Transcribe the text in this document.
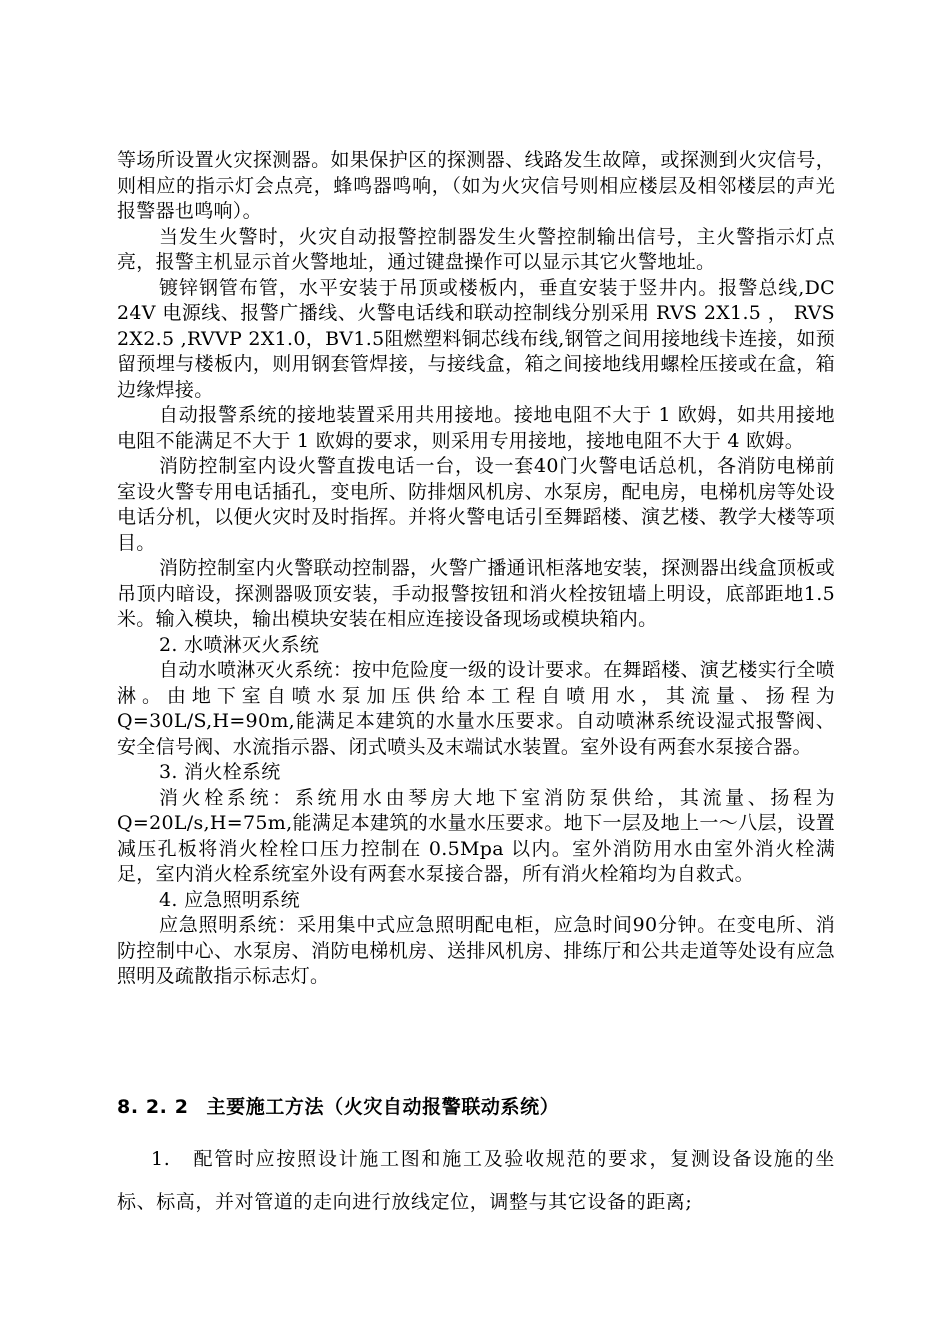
等场所设置火灾探测器。如果保护区的探测器、线路发生故障，或探测到火灾信号，则相应的指示灯会点亮，蜂鸣器鸣响，（如为火灾信号则相应楼层及相邻楼层的声光报警器也鸣响）。

当发生火警时，火灾自动报警控制器发生火警控制输出信号，主火警指示灯点亮，报警主机显示首火警地址，通过键盘操作可以显示其它火警地址。

镀锌钢管布管，水平安装于吊顶或楼板内，垂直安装于竖井内。报警总线,DC 24V 电源线、报警广播线、火警电话线和联动控制线分别采用 RVS 2X1.5 ， RVS 2X2.5 ,RVVP 2X1.0，BV1.5阻燃塑料铜芯线布线,钢管之间用接地线卡连接，如预留预埋与楼板内，则用钢套管焊接，与接线盒，箱之间接地线用螺栓压接或在盒，箱边缘焊接。

自动报警系统的接地装置采用共用接地。接地电阻不大于 1 欧姆，如共用接地电阻不能满足不大于 1 欧姆的要求，则采用专用接地，接地电阻不大于 4 欧姆。

消防控制室内设火警直拨电话一台，设一套40门火警电话总机，各消防电梯前室设火警专用电话插孔，变电所、防排烟风机房、水泵房，配电房，电梯机房等处设电话分机，以便火灾时及时指挥。并将火警电话引至舞蹈楼、演艺楼、教学大楼等项目。

消防控制室内火警联动控制器，火警广播通讯柜落地安装，探测器出线盒顶板或吊顶内暗设，探测器吸顶安装，手动报警按钮和消火栓按钮墙上明设，底部距地1.5米。输入模块，输出模块安装在相应连接设备现场或模块箱内。

2. 水喷淋灭火系统

自动水喷淋灭火系统：按中危险度一级的设计要求。在舞蹈楼、演艺楼实行全喷淋。由地下室自喷水泵加压供给本工程自喷用水，其流量、扬程为Q=30L/S,H=90m,能满足本建筑的水量水压要求。自动喷淋系统设湿式报警阀、安全信号阀、水流指示器、闭式喷头及末端试水装置。室外设有两套水泵接合器。

3. 消火栓系统

消火栓系统：系统用水由琴房大地下室消防泵供给，其流量、扬程为Q=20L/s,H=75m,能满足本建筑的水量水压要求。地下一层及地上一～八层，设置减压孔板将消火栓栓口压力控制在 0.5Mpa 以内。室外消防用水由室外消火栓满足，室内消火栓系统室外设有两套水泵接合器，所有消火栓箱均为自救式。

4. 应急照明系统

应急照明系统：采用集中式应急照明配电柜，应急时间90分钟。在变电所、消防控制中心、水泵房、消防电梯机房、送排风机房、排练厅和公共走道等处设有应急照明及疏散指示标志灯。

8. 2. 2 主要施工方法（火灾自动报警联动系统）

1. 配管时应按照设计施工图和施工及验收规范的要求，复测设备设施的坐标、标高，并对管道的走向进行放线定位，调整与其它设备的距离;
